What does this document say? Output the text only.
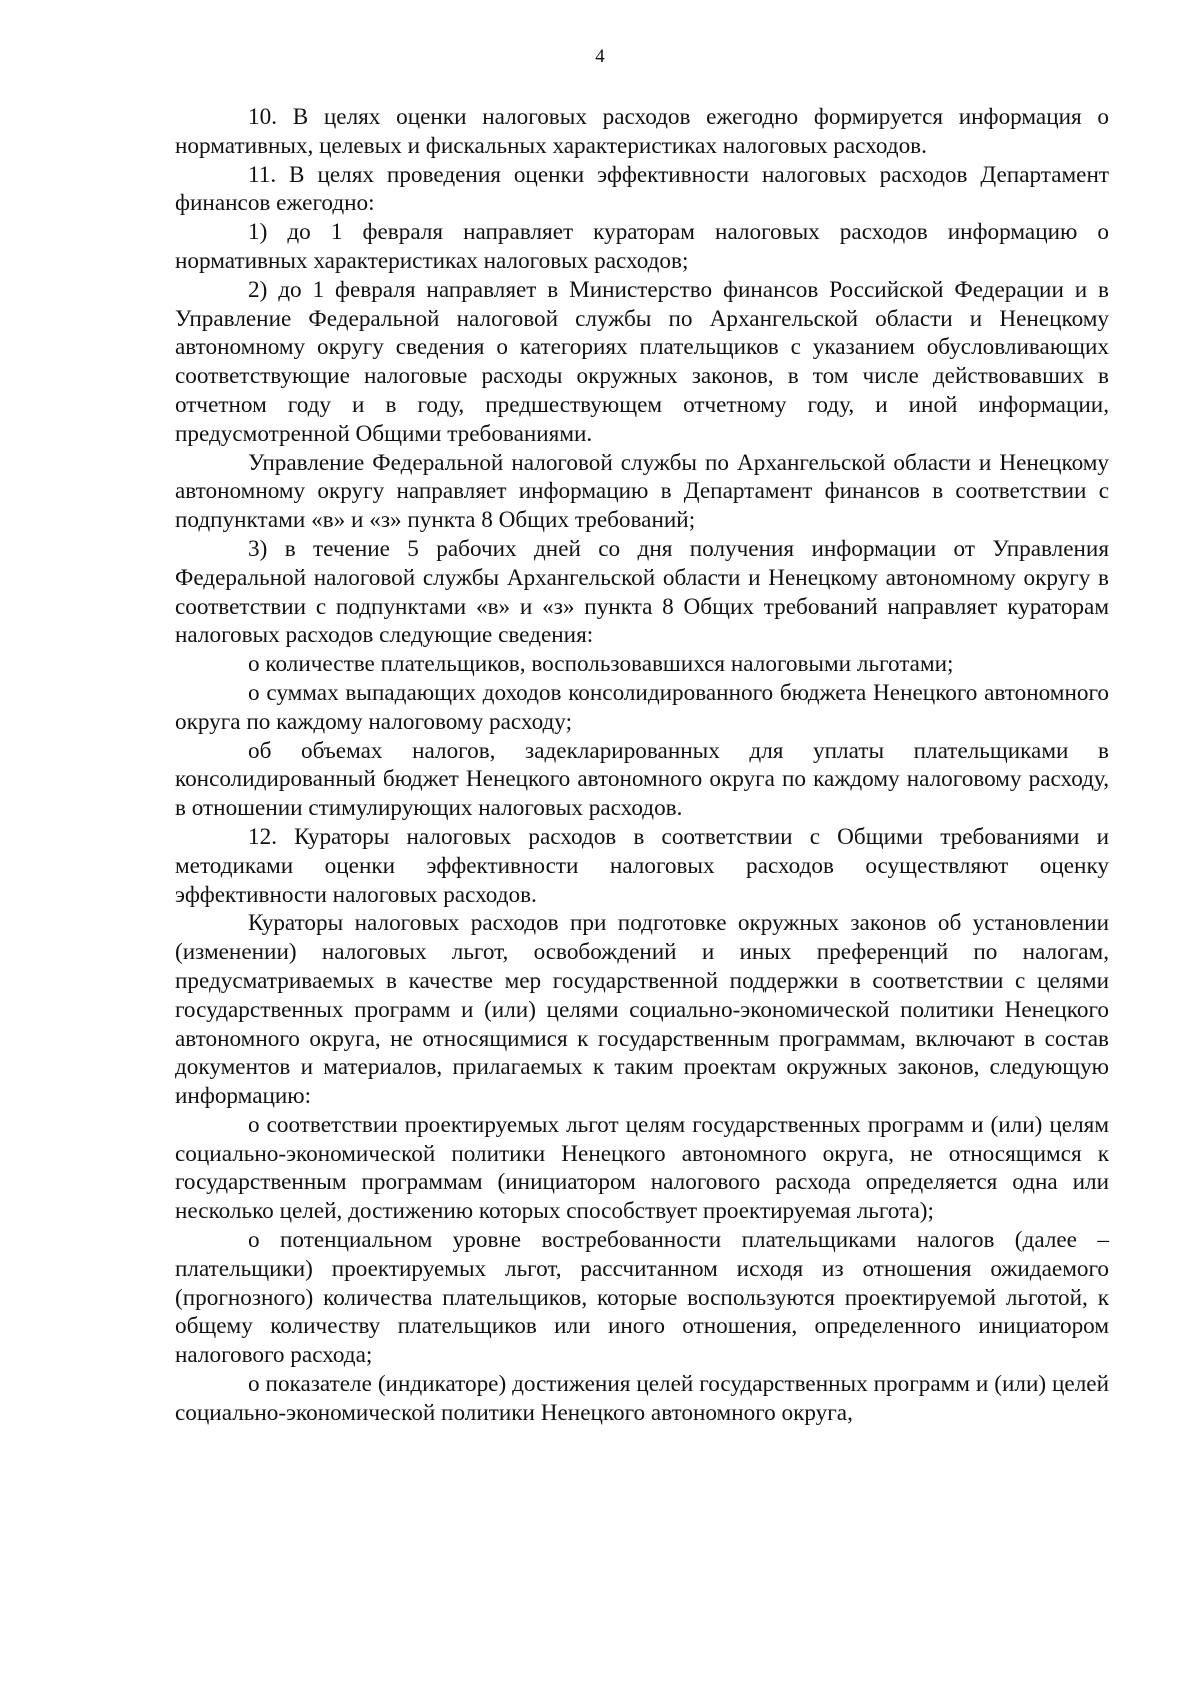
4

10. В целях оценки налоговых расходов ежегодно формируется информация о нормативных, целевых и фискальных характеристиках налоговых расходов.

11. В целях проведения оценки эффективности налоговых расходов Департамент финансов ежегодно:

1) до 1 февраля направляет кураторам налоговых расходов информацию о нормативных характеристиках налоговых расходов;

2) до 1 февраля направляет в Министерство финансов Российской Федерации и в Управление Федеральной налоговой службы по Архангельской области и Ненецкому автономному округу сведения о категориях плательщиков с указанием обусловливающих соответствующие налоговые расходы окружных законов, в том числе действовавших в отчетном году и в году, предшествующем отчетному году, и иной информации, предусмотренной Общими требованиями.

Управление Федеральной налоговой службы по Архангельской области и Ненецкому автономному округу направляет информацию в Департамент финансов в соответствии с подпунктами «в» и «з» пункта 8 Общих требований;

3) в течение 5 рабочих дней со дня получения информации от Управления Федеральной налоговой службы Архангельской области и Ненецкому автономному округу в соответствии с подпунктами «в» и «з» пункта 8 Общих требований направляет кураторам налоговых расходов следующие сведения:

о количестве плательщиков, воспользовавшихся налоговыми льготами;

о суммах выпадающих доходов консолидированного бюджета Ненецкого автономного округа по каждому налоговому расходу;

об объемах налогов, задекларированных для уплаты плательщиками в консолидированный бюджет Ненецкого автономного округа по каждому налоговому расходу, в отношении стимулирующих налоговых расходов.

12. Кураторы налоговых расходов в соответствии с Общими требованиями и методиками оценки эффективности налоговых расходов осуществляют оценку эффективности налоговых расходов.

Кураторы налоговых расходов при подготовке окружных законов об установлении (изменении) налоговых льгот, освобождений и иных преференций по налогам, предусматриваемых в качестве мер государственной поддержки в соответствии с целями государственных программ и (или) целями социально-экономической политики Ненецкого автономного округа, не относящимися к государственным программам, включают в состав документов и материалов, прилагаемых к таким проектам окружных законов, следующую информацию:

о соответствии проектируемых льгот целям государственных программ и (или) целям социально-экономической политики Ненецкого автономного округа, не относящимся к государственным программам (инициатором налогового расхода определяется одна или несколько целей, достижению которых способствует проектируемая льгота);

о потенциальном уровне востребованности плательщиками налогов (далее – плательщики) проектируемых льгот, рассчитанном исходя из отношения ожидаемого (прогнозного) количества плательщиков, которые воспользуются проектируемой льготой, к общему количеству плательщиков или иного отношения, определенного инициатором налогового расхода;

о показателе (индикаторе) достижения целей государственных программ и (или) целей социально-экономической политики Ненецкого автономного округа,
